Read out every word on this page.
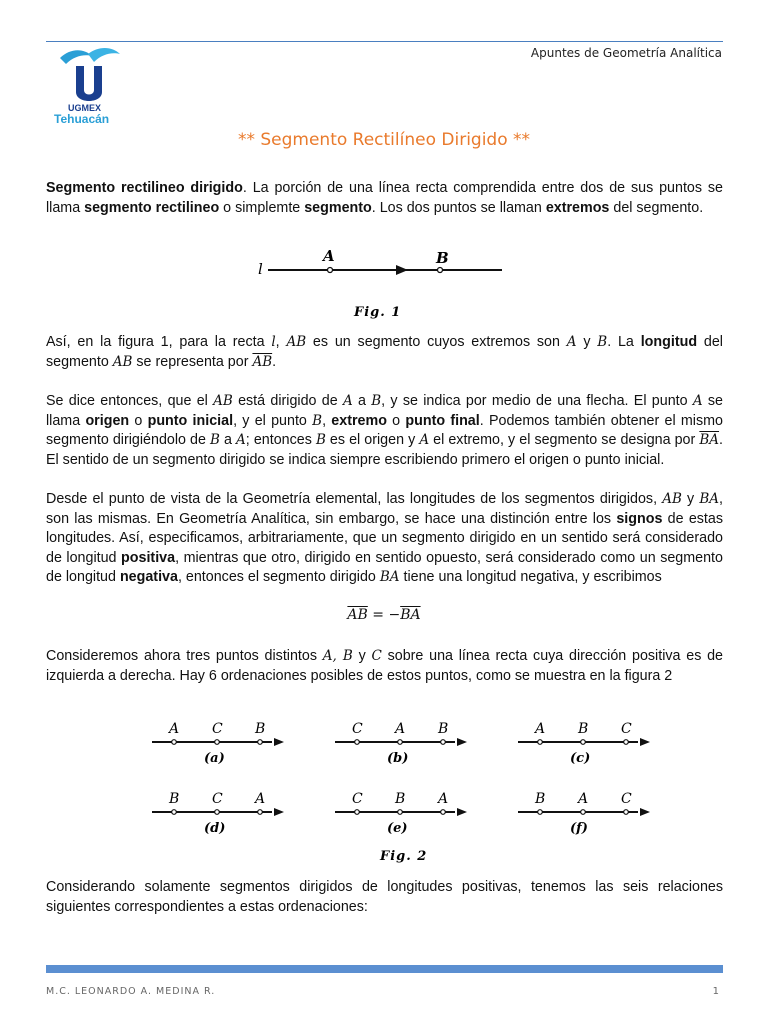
Apuntes de Geometría Analítica
UGMEX
Tehuacán
** Segmento Rectilíneo Dirigido **
Segmento rectilineo dirigido. La porción de una línea recta comprendida entre dos de sus puntos se llama segmento rectilineo o simplemte segmento. Los dos puntos se llaman extremos del segmento.
l
A	B
Fig. 1
Así, en la figura 1, para la recta l, AB es un segmento cuyos extremos son A y B. La longitud del segmento AB se representa por $\overline{AB}$.
Se dice entonces, que el AB está dirigido de A a B, y se indica por medio de una flecha. El punto A se llama origen o punto inicial, y el punto B, extremo o punto final. Podemos también obtener el mismo segmento dirigiéndolo de B a A; entonces B es el origen y A el extremo, y el segmento se designa por $\overline{BA}$. El sentido de un segmento dirigido se indica siempre escribiendo primero el origen o punto inicial.
Desde el punto de vista de la Geometría elemental, las longitudes de los segmentos dirigidos, AB y BA, son las mismas. En Geometría Analítica, sin embargo, se hace una distinción entre los signos de estas longitudes. Así, especificamos, arbitrariamente, que un segmento dirigido en un sentido será considerado de longitud positiva, mientras que otro, dirigido en sentido opuesto, será considerado como un segmento de longitud negativa, entonces el segmento dirigido BA tiene una longitud negativa, y escribimos
$\overline{AB} = -\overline{BA}$
Consideremos ahora tres puntos distintos A, B y C sobre una línea recta cuya dirección positiva es de izquierda a derecha. Hay 6 ordenaciones posibles de estos puntos, como se muestra en la figura 2
A C B
(a)
C A B
(b)
A B C
(c)
B C A
(d)
C B A
(e)
B A C
(f)
Fig. 2
Considerando solamente segmentos dirigidos de longitudes positivas, tenemos las seis relaciones siguientes correspondientes a estas ordenaciones:
M.C. LEONARDO A. MEDINA R.	1
